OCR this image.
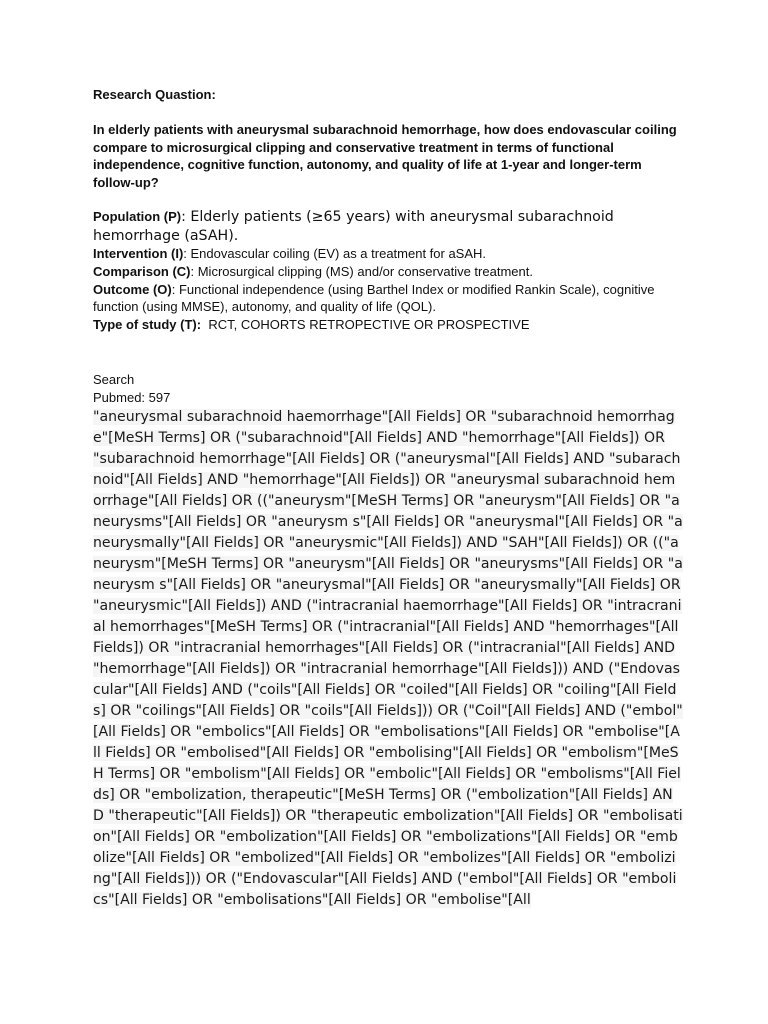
Research Quastion:

In elderly patients with aneurysmal subarachnoid hemorrhage, how does endovascular coiling compare to microsurgical clipping and conservative treatment in terms of functional independence, cognitive function, autonomy, and quality of life at 1-year and longer-term follow-up?

Population (P): Elderly patients (≥65 years) with aneurysmal subarachnoid hemorrhage (aSAH).

Intervention (I): Endovascular coiling (EV) as a treatment for aSAH.

Comparison (C): Microsurgical clipping (MS) and/or conservative treatment.

Outcome (O): Functional independence (using Barthel Index or modified Rankin Scale), cognitive function (using MMSE), autonomy, and quality of life (QOL).

Type of study (T):  RCT, COHORTS RETROPECTIVE OR PROSPECTIVE

Search
Pubmed: 597
"aneurysmal subarachnoid haemorrhage"[All Fields] OR "subarachnoid hemorrhage"[MeSH Terms] OR ("subarachnoid"[All Fields] AND "hemorrhage"[All Fields]) OR "subarachnoid hemorrhage"[All Fields] OR ("aneurysmal"[All Fields] AND "subarachnoid"[All Fields] AND "hemorrhage"[All Fields]) OR "aneurysmal subarachnoid hemorrhage"[All Fields] OR (("aneurysm"[MeSH Terms] OR "aneurysm"[All Fields] OR "aneurysms"[All Fields] OR "aneurysm s"[All Fields] OR "aneurysmal"[All Fields] OR "aneurysmally"[All Fields] OR "aneurysmic"[All Fields]) AND "SAH"[All Fields]) OR (("aneurysm"[MeSH Terms] OR "aneurysm"[All Fields] OR "aneurysms"[All Fields] OR "aneurysm s"[All Fields] OR "aneurysmal"[All Fields] OR "aneurysmally"[All Fields] OR "aneurysmic"[All Fields]) AND ("intracranial haemorrhage"[All Fields] OR "intracranial hemorrhages"[MeSH Terms] OR ("intracranial"[All Fields] AND "hemorrhages"[All Fields]) OR "intracranial hemorrhages"[All Fields] OR ("intracranial"[All Fields] AND "hemorrhage"[All Fields]) OR "intracranial hemorrhage"[All Fields])) AND ("Endovascular"[All Fields] AND ("coils"[All Fields] OR "coiled"[All Fields] OR "coiling"[All Fields] OR "coilings"[All Fields] OR "coils"[All Fields])) OR ("Coil"[All Fields] AND ("embol"[All Fields] OR "embolics"[All Fields] OR "embolisations"[All Fields] OR "embolise"[All Fields] OR "embolised"[All Fields] OR "embolising"[All Fields] OR "embolism"[MeSH Terms] OR "embolism"[All Fields] OR "embolic"[All Fields] OR "embolisms"[All Fields] OR "embolization, therapeutic"[MeSH Terms] OR ("embolization"[All Fields] AND "therapeutic"[All Fields]) OR "therapeutic embolization"[All Fields] OR "embolisation"[All Fields] OR "embolization"[All Fields] OR "embolizations"[All Fields] OR "embolize"[All Fields] OR "embolized"[All Fields] OR "embolizes"[All Fields] OR "embolizing"[All Fields])) OR ("Endovascular"[All Fields] AND ("embol"[All Fields] OR "embolics"[All Fields] OR "embolisations"[All Fields] OR "embolise"[All
